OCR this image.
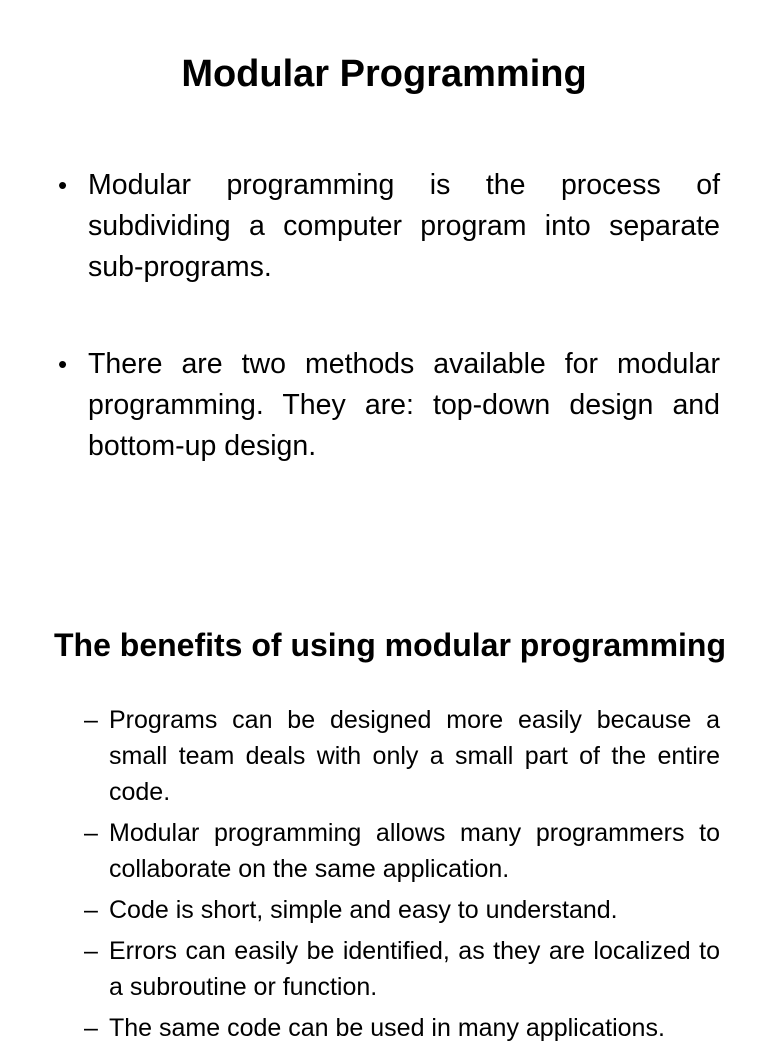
Modular Programming
• Modular programming is the process of subdividing a computer program into separate sub-programs.
• There are two methods available for modular programming. They are: top-down design and bottom-up design.
The benefits of using modular programming
– Programs can be designed more easily because a small team deals with only a small part of the entire code.
– Modular programming allows many programmers to collaborate on the same application.
– Code is short, simple and easy to understand.
– Errors can easily be identified, as they are localized to a subroutine or function.
– The same code can be used in many applications.
